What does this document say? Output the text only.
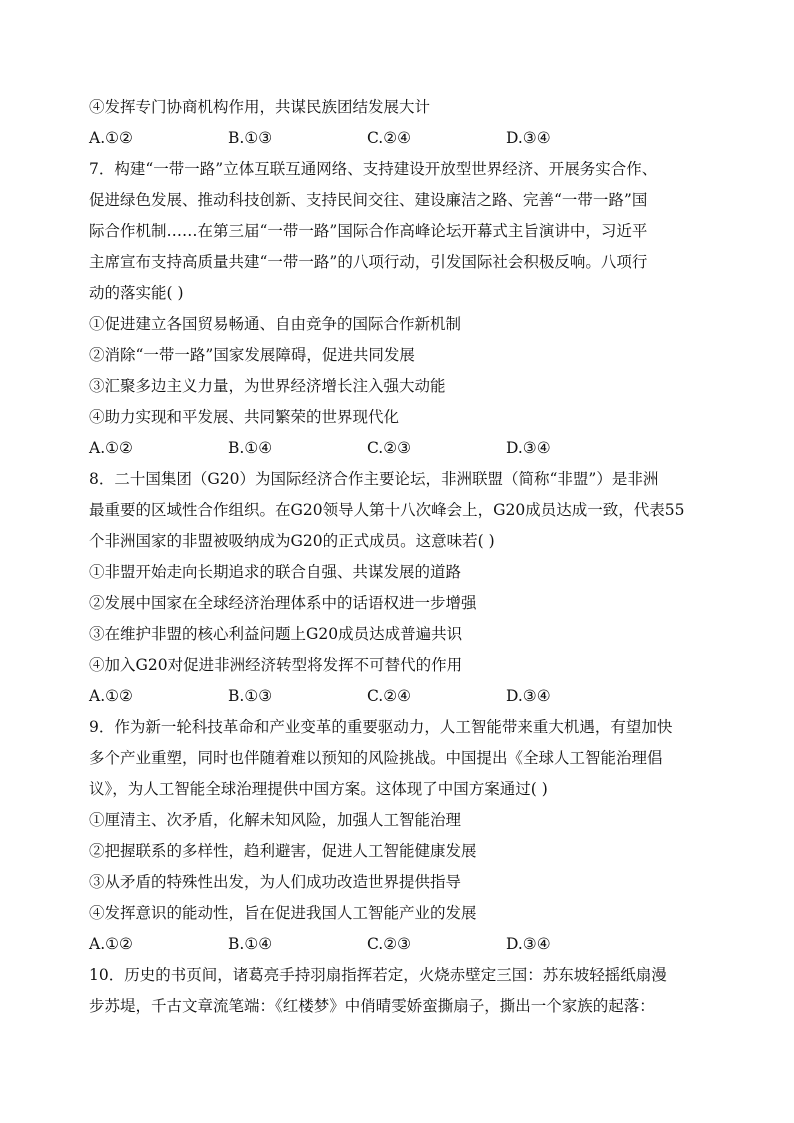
④发挥专门协商机构作用，共谋民族团结发展大计
A.①②	B.①③	C.②④	D.③④
7．构建“一带一路”立体互联互通网络、支持建设开放型世界经济、开展务实合作、
促进绿色发展、推动科技创新、支持民间交往、建设廉洁之路、完善“一带一路”国
际合作机制……在第三届“一带一路”国际合作高峰论坛开幕式主旨演讲中，习近平
主席宣布支持高质量共建“一带一路”的八项行动，引发国际社会积极反响。八项行
动的落实能( )
①促进建立各国贸易畅通、自由竞争的国际合作新机制
②消除“一带一路”国家发展障碍，促进共同发展
③汇聚多边主义力量，为世界经济增长注入强大动能
④助力实现和平发展、共同繁荣的世界现代化
A.①②	B.①④	C.②③	D.③④
8．二十国集团（G20）为国际经济合作主要论坛，非洲联盟（简称“非盟”）是非洲
最重要的区域性合作组织。在G20领导人第十八次峰会上，G20成员达成一致，代表55
个非洲国家的非盟被吸纳成为G20的正式成员。这意味若( )
①非盟开始走向长期追求的联合自强、共谋发展的道路
②发展中国家在全球经济治理体系中的话语权进一步增强
③在维护非盟的核心利益问题上G20成员达成普遍共识
④加入G20对促进非洲经济转型将发挥不可替代的作用
A.①②	B.①③	C.②④	D.③④
9．作为新一轮科技革命和产业变革的重要驱动力，人工智能带来重大机遇，有望加快
多个产业重塑，同时也伴随着难以预知的风险挑战。中国提出《全球人工智能治理倡
议》，为人工智能全球治理提供中国方案。这体现了中国方案通过( )
①厘清主、次矛盾，化解未知风险，加强人工智能治理
②把握联系的多样性，趋利避害，促进人工智能健康发展
③从矛盾的特殊性出发，为人们成功改造世界提供指导
④发挥意识的能动性，旨在促进我国人工智能产业的发展
A.①②	B.①④	C.②③	D.③④
10．历史的书页间，诸葛亮手持羽扇指挥若定，火烧赤壁定三国：苏东坡轻摇纸扇漫
步苏堤，千古文章流笔端：《红楼梦》中俏晴雯娇蛮撕扇子，撕出一个家族的起落：
